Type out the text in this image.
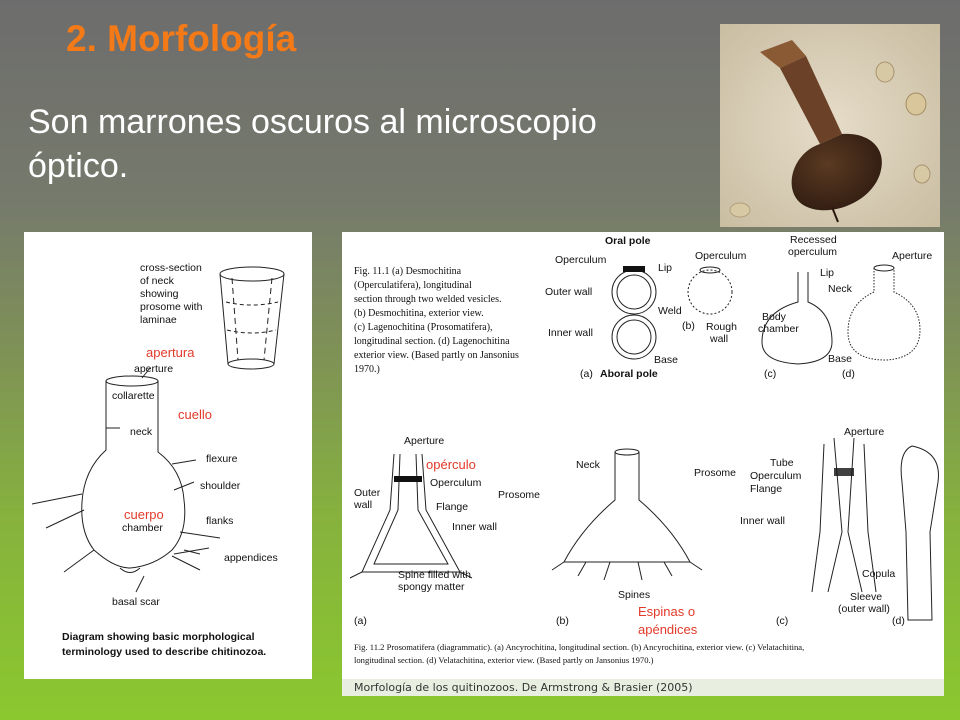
2. Morfología
Son marrones oscuros al microscopio óptico.
cross-section
of neck
showing
prosome with
laminae
aperture
collarette
neck
flexure
shoulder
chamber
flanks
appendices
basal scar
apertura
cuello
cuerpo
Diagram showing basic morphological
terminology used to describe chitinozoa.
Fig. 11.1 (a) Desmochitina
(Operculatifera), longitudinal
section through two welded vesicles.
(b) Desmochitina, exterior view.
(c) Lagenochitina (Prosomatifera),
longitudinal section. (d) Lagenochitina
exterior view. (Based partly on Jansonius
1970.)
Oral pole
Operculum	Operculum
Lip
Outer wall
Weld
Inner wall	Rough
wall
Base
Aboral pole
(a)
(b)
Recessed
operculum
Lip
Neck
Body
chamber
Base
Aperture
(c)	(d)
Aperture
Outer
wall
Operculum
Flange
Prosome
Inner wall
Spine filled with
spongy matter
(a)
Neck
Spines
(b)
Aperture
Prosome
Tube
Operculum
Flange
Inner wall
Copula
Sleeve
(outer wall)
(c)	(d)
opérculo
Espinas o
apéndices
Fig. 11.2 Prosomatifera (diagrammatic). (a) Ancyrochitina, longitudinal section. (b) Ancyrochitina, exterior view. (c) Velatachitina,
longitudinal section. (d) Velatachitina, exterior view. (Based partly on Jansonius 1970.)
Morfología de los quitinozoos. De Armstrong & Brasier (2005)
